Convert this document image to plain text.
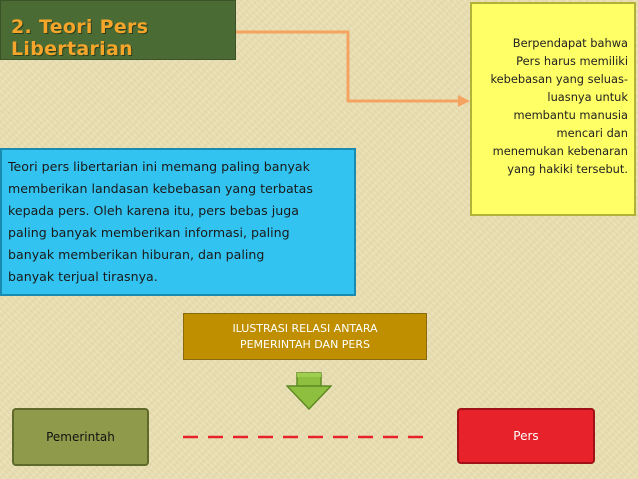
2. Teori Pers Libertarian	Berpendapat bahwa
Pers harus memiliki
kebebasan yang seluas-
luasnya untuk
membantu manusia
mencari dan
menemukan kebenaran
yang hakiki tersebut.
Teori pers libertarian ini memang paling banyak
memberikan landasan kebebasan yang terbatas
kepada pers. Oleh karena itu, pers bebas juga
paling banyak memberikan informasi, paling
banyak memberikan hiburan, dan paling
banyak terjual tirasnya.
ILUSTRASI RELASI ANTARA
PEMERINTAH DAN PERS
Pemerintah	Pers
